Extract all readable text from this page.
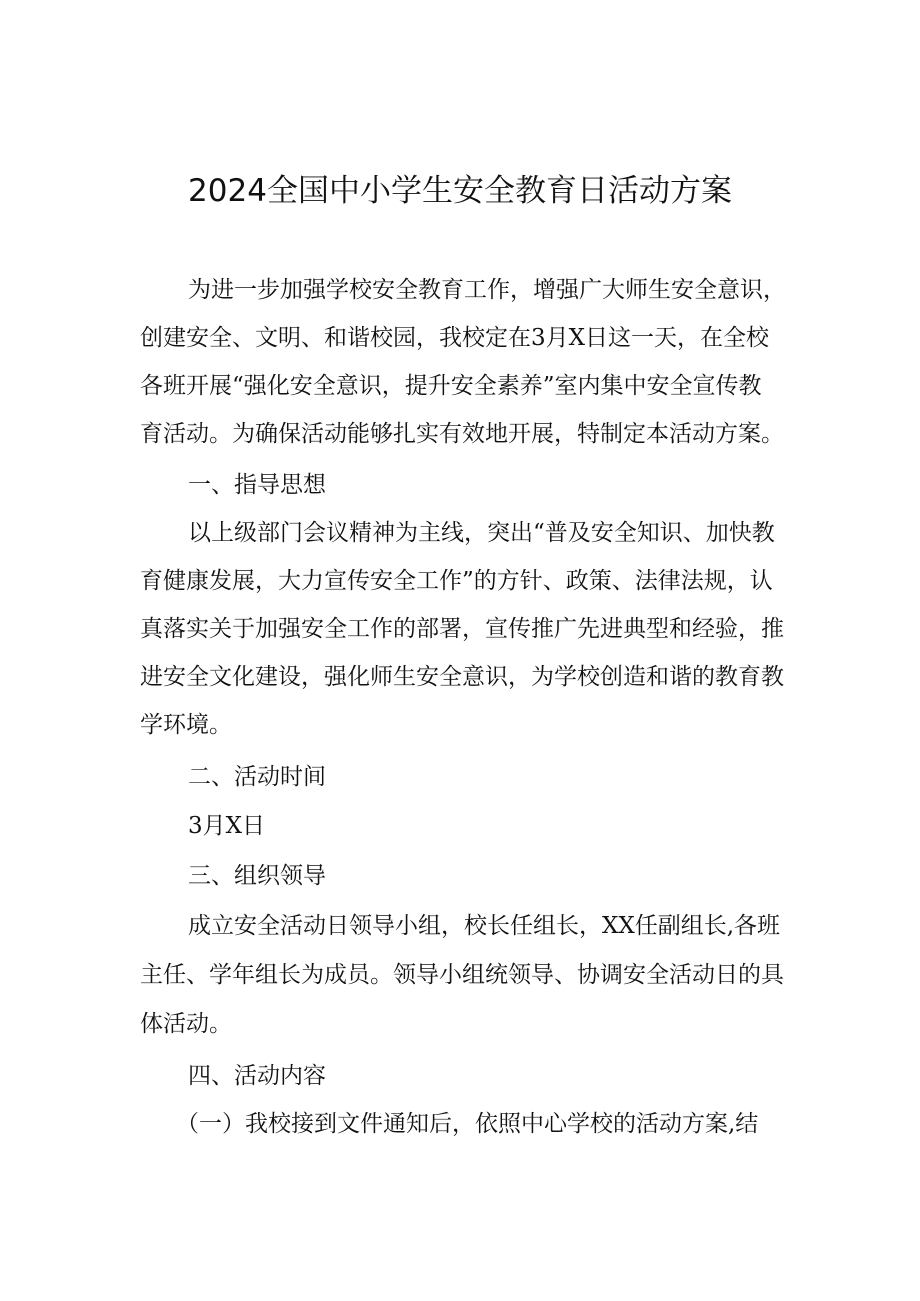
2024全国中小学生安全教育日活动方案
为进一步加强学校安全教育工作，增强广大师生安全意识，
创建安全、文明、和谐校园，我校定在3月X日这一天，在全校
各班开展“强化安全意识，提升安全素养”室内集中安全宣传教
育活动。为确保活动能够扎实有效地开展，特制定本活动方案。
一、指导思想
以上级部门会议精神为主线，突出“普及安全知识、加快教
育健康发展，大力宣传安全工作”的方针、政策、法律法规，认
真落实关于加强安全工作的部署，宣传推广先进典型和经验，推
进安全文化建设，强化师生安全意识，为学校创造和谐的教育教
学环境。
二、活动时间
3月X日
三、组织领导
成立安全活动日领导小组，校长任组长，XX任副组长,各班
主任、学年组长为成员。领导小组统领导、协调安全活动日的具
体活动。
四、活动内容
（一）我校接到文件通知后，依照中心学校的活动方案,结
